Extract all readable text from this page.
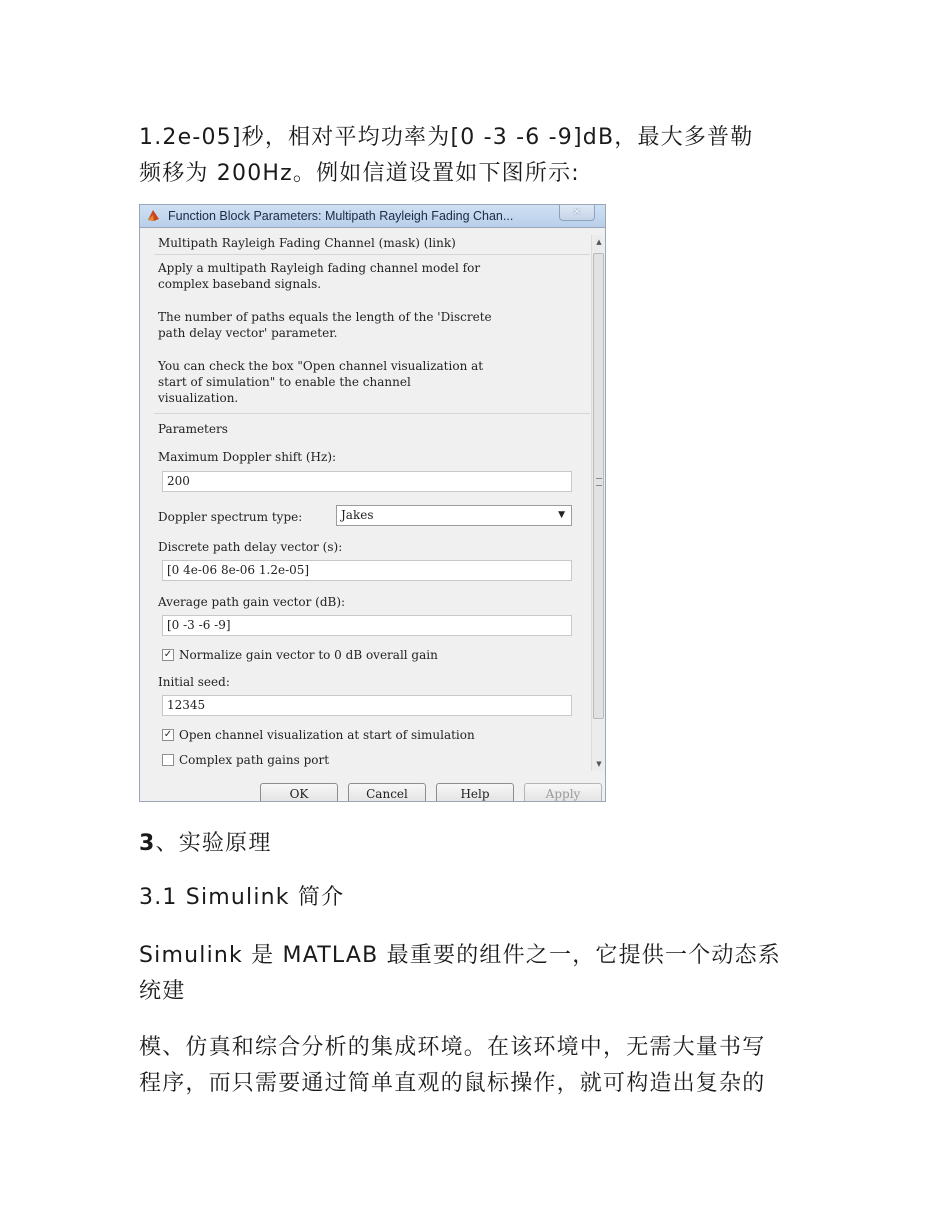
1.2e-05]秒，相对平均功率为[0 -3 -6 -9]dB，最大多普勒
频移为 200Hz。例如信道设置如下图所示:
Function Block Parameters: Multipath Rayleigh Fading Chan...	×
Multipath Rayleigh Fading Channel (mask) (link)
Apply a multipath Rayleigh fading channel model for
complex baseband signals.
The number of paths equals the length of the 'Discrete
path delay vector' parameter.
You can check the box "Open channel visualization at
start of simulation" to enable the channel
visualization.
Parameters
Maximum Doppler shift (Hz):
200
Doppler spectrum type:	Jakes	▼
Discrete path delay vector (s):
[0 4e-06 8e-06 1.2e-05]
Average path gain vector (dB):
[0 -3 -6 -9]
✓ Normalize gain vector to 0 dB overall gain
Initial seed:
12345
✓ Open channel visualization at start of simulation
Complex path gains port
▲
▼
OK	Cancel	Help	Apply
3、实验原理
3.1 Simulink 简介
Simulink 是 MATLAB 最重要的组件之一，它提供一个动态系
统建
模、仿真和综合分析的集成环境。在该环境中，无需大量书写
程序，而只需要通过简单直观的鼠标操作，就可构造出复杂的
